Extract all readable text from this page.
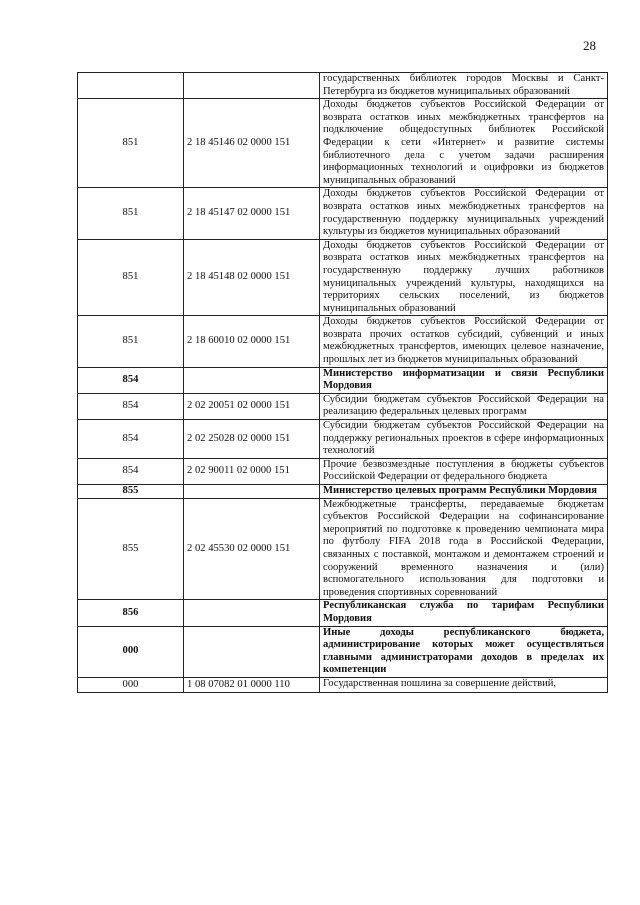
28

		государственных библиотек городов Москвы и Санкт-Петербурга из бюджетов муниципальных образований

851	2 18 45146 02 0000 151	Доходы бюджетов субъектов Российской Федерации от возврата остатков иных межбюджетных трансфертов на подключение общедоступных библиотек Российской Федерации к сети «Интернет» и развитие системы библиотечного дела с учетом задачи расширения информационных технологий и оцифровки из бюджетов муниципальных образований

851	2 18 45147 02 0000 151	Доходы бюджетов субъектов Российской Федерации от возврата остатков иных межбюджетных трансфертов на государственную поддержку муниципальных учреждений культуры из бюджетов муниципальных образований

851	2 18 45148 02 0000 151	Доходы бюджетов субъектов Российской Федерации от возврата остатков иных межбюджетных трансфертов на государственную поддержку лучших работников муниципальных учреждений культуры, находящихся на территориях сельских поселений, из бюджетов муниципальных образований

851	2 18 60010 02 0000 151	Доходы бюджетов субъектов Российской Федерации от возврата прочих остатков субсидий, субвенций и иных межбюджетных трансфертов, имеющих целевое назначение, прошлых лет из бюджетов муниципальных образований

854		Министерство информатизации и связи Республики Мордовия

854	2 02 20051 02 0000 151	Субсидии бюджетам субъектов Российской Федерации на реализацию федеральных целевых программ

854	2 02 25028 02 0000 151	Субсидии бюджетам субъектов Российской Федерации на поддержку региональных проектов в сфере информационных технологий

854	2 02 90011 02 0000 151	Прочие безвозмездные поступления в бюджеты субъектов Российской Федерации от федерального бюджета

855		Министерство целевых программ Республики Мордовия

855	2 02 45530 02 0000 151	Межбюджетные трансферты, передаваемые бюджетам субъектов Российской Федерации на софинансирование мероприятий по подготовке к проведению чемпионата мира по футболу FIFA 2018 года в Российской Федерации, связанных с поставкой, монтажом и демонтажем строений и сооружений временного назначения и (или) вспомогательного использования для подготовки и проведения спортивных соревнований

856		Республиканская служба по тарифам Республики Мордовия

000		Иные доходы республиканского бюджета, администрирование которых может осуществляться главными администраторами доходов в пределах их компетенции

000	1 08 07082 01 0000 110	Государственная пошлина за совершение действий,
